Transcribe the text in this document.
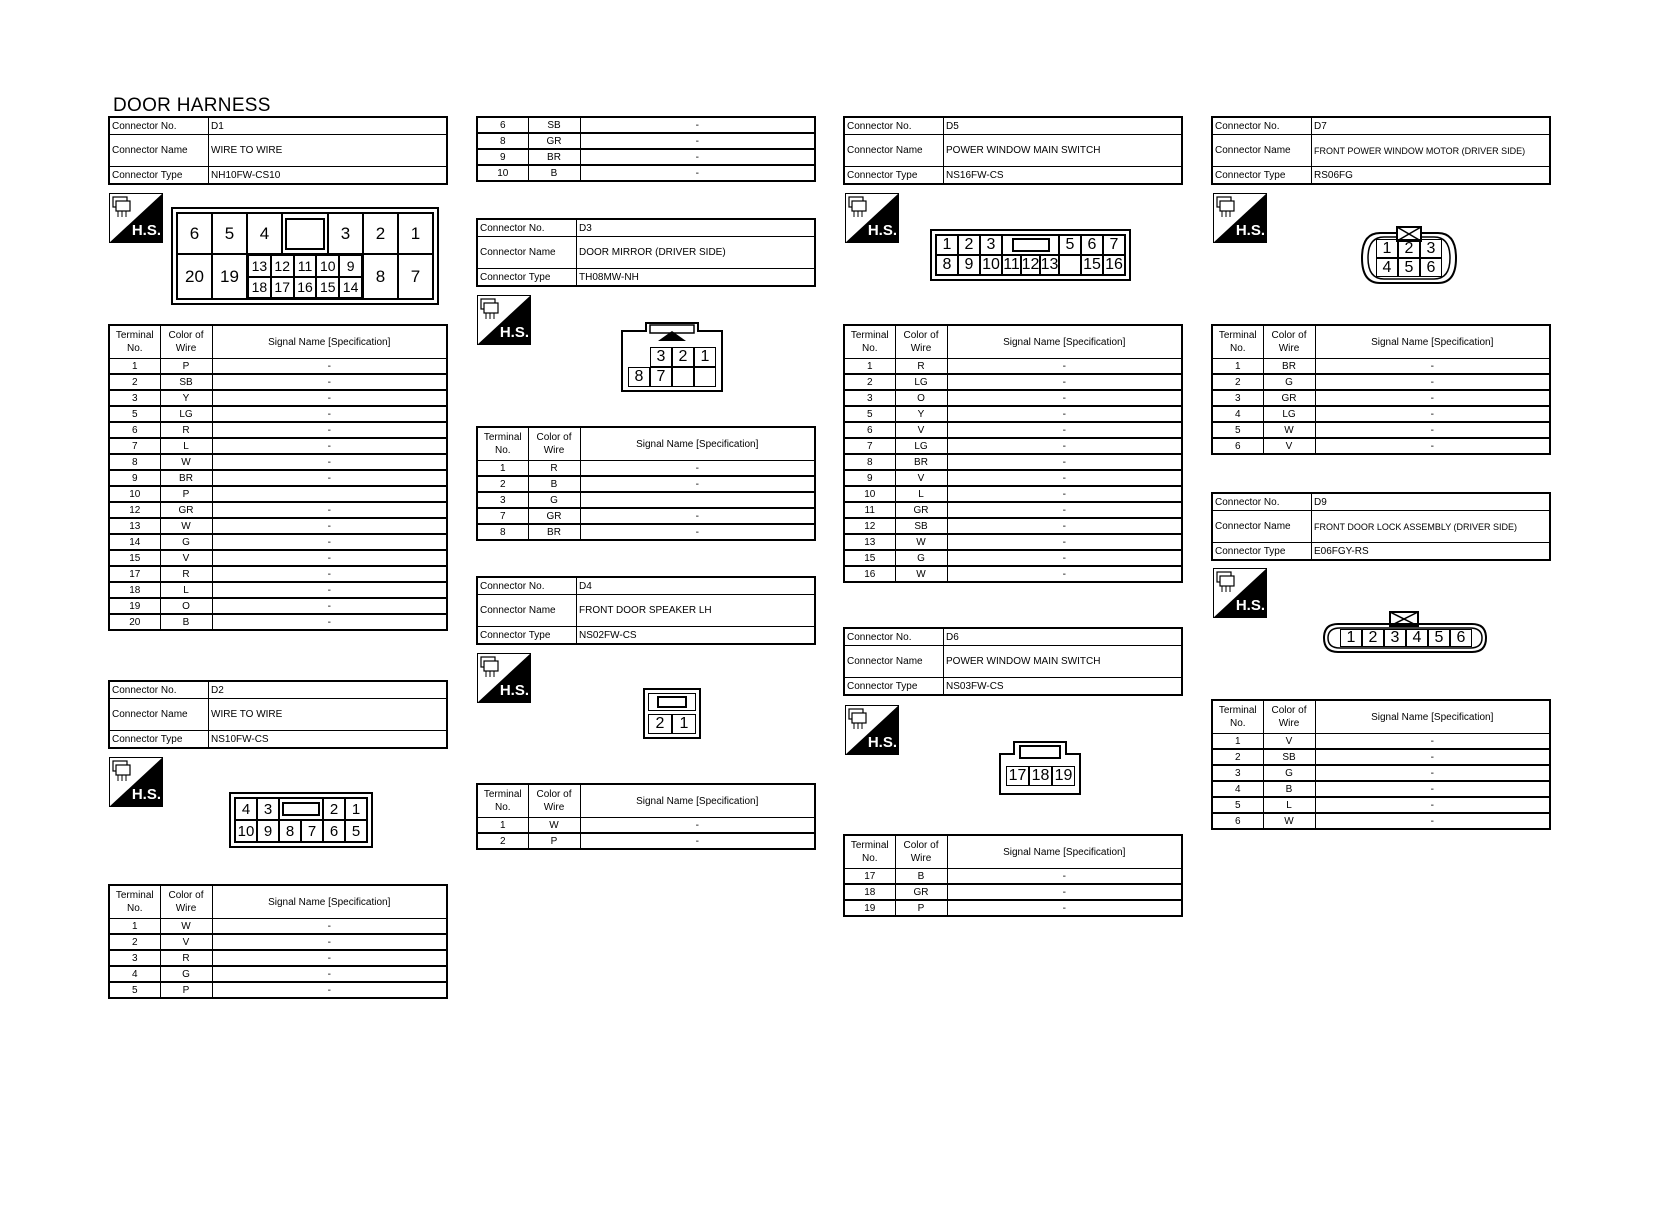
DOOR HARNESS
Connector No.	D1
Connector Name	WIRE TO WIRE
Connector Type	NH10FW-CS10
H.S.	6	5	4	3	2	1
20 19
13 12 11 10 9
18 17 16 15 14
8	7
Terminal No.	Color of Wire	Signal Name [Specification]
1	P	-
2	SB	-
3	Y	-
5	LG	-
6	R	-
7	L	-
8	W	-
9	BR	-
10	P	
12	GR	-
13	W	-
14	G	-
15	V	-
17	R	-
18	L	-
19	O	-
20	B	-
Connector No.	D2
Connector Name	WIRE TO WIRE
Connector Type	NS10FW-CS
H.S.
4 3	2 1
10 9 8 7 6 5
Terminal No.	Color of Wire	Signal Name [Specification]
1	W	-
2	V	-
3	R	-
4	G	-
5	P	-
6	SB	-
8	GR	-
9	BR	-
10	B	-
Connector No.	D3
Connector Name	DOOR MIRROR (DRIVER SIDE)
Connector Type	TH08MW-NH
H.S.
3 2 1
8 7
Terminal No.	Color of Wire	Signal Name [Specification]
1	R	-
2	B	-
3	G	
7	GR	-
8	BR	-
Connector No.	D4
Connector Name	FRONT DOOR SPEAKER LH
Connector Type	NS02FW-CS
H.S.
2 1
Terminal No.	Color of Wire	Signal Name [Specification]
1	W	-
2	P	-
Connector No.	D5
Connector Name	POWER WINDOW MAIN SWITCH
Connector Type	NS16FW-CS
H.S.
1 2 3	5 6 7
8 9 10 11 12 13 15 16
Terminal No.	Color of Wire	Signal Name [Specification]
1	R	-
2	LG	-
3	O	-
5	Y	-
6	V	-
7	LG	-
8	BR	-
9	V	-
10	L	-
11	GR	-
12	SB	-
13	W	-
15	G	-
16	W	-
Connector No.	D6
Connector Name	POWER WINDOW MAIN SWITCH
Connector Type	NS03FW-CS
H.S.
17 18 19
Terminal No.	Color of Wire	Signal Name [Specification]
17	B	-
18	GR	-
19	P	-
Connector No.	D7
Connector Name	FRONT POWER WINDOW MOTOR (DRIVER SIDE)
Connector Type	RS06FG
H.S.
1 2 3
4 5 6
Terminal No.	Color of Wire	Signal Name [Specification]
1	BR	-
2	G	-
3	GR	-
4	LG	-
5	W	-
6	V	-
Connector No.	D9
Connector Name	FRONT DOOR LOCK ASSEMBLY (DRIVER SIDE)
Connector Type	E06FGY-RS
H.S.
1 2 3 4 5 6
Terminal No.	Color of Wire	Signal Name [Specification]
1	V	-
2	SB	-
3	G	-
4	B	-
5	L	-
6	W	-
